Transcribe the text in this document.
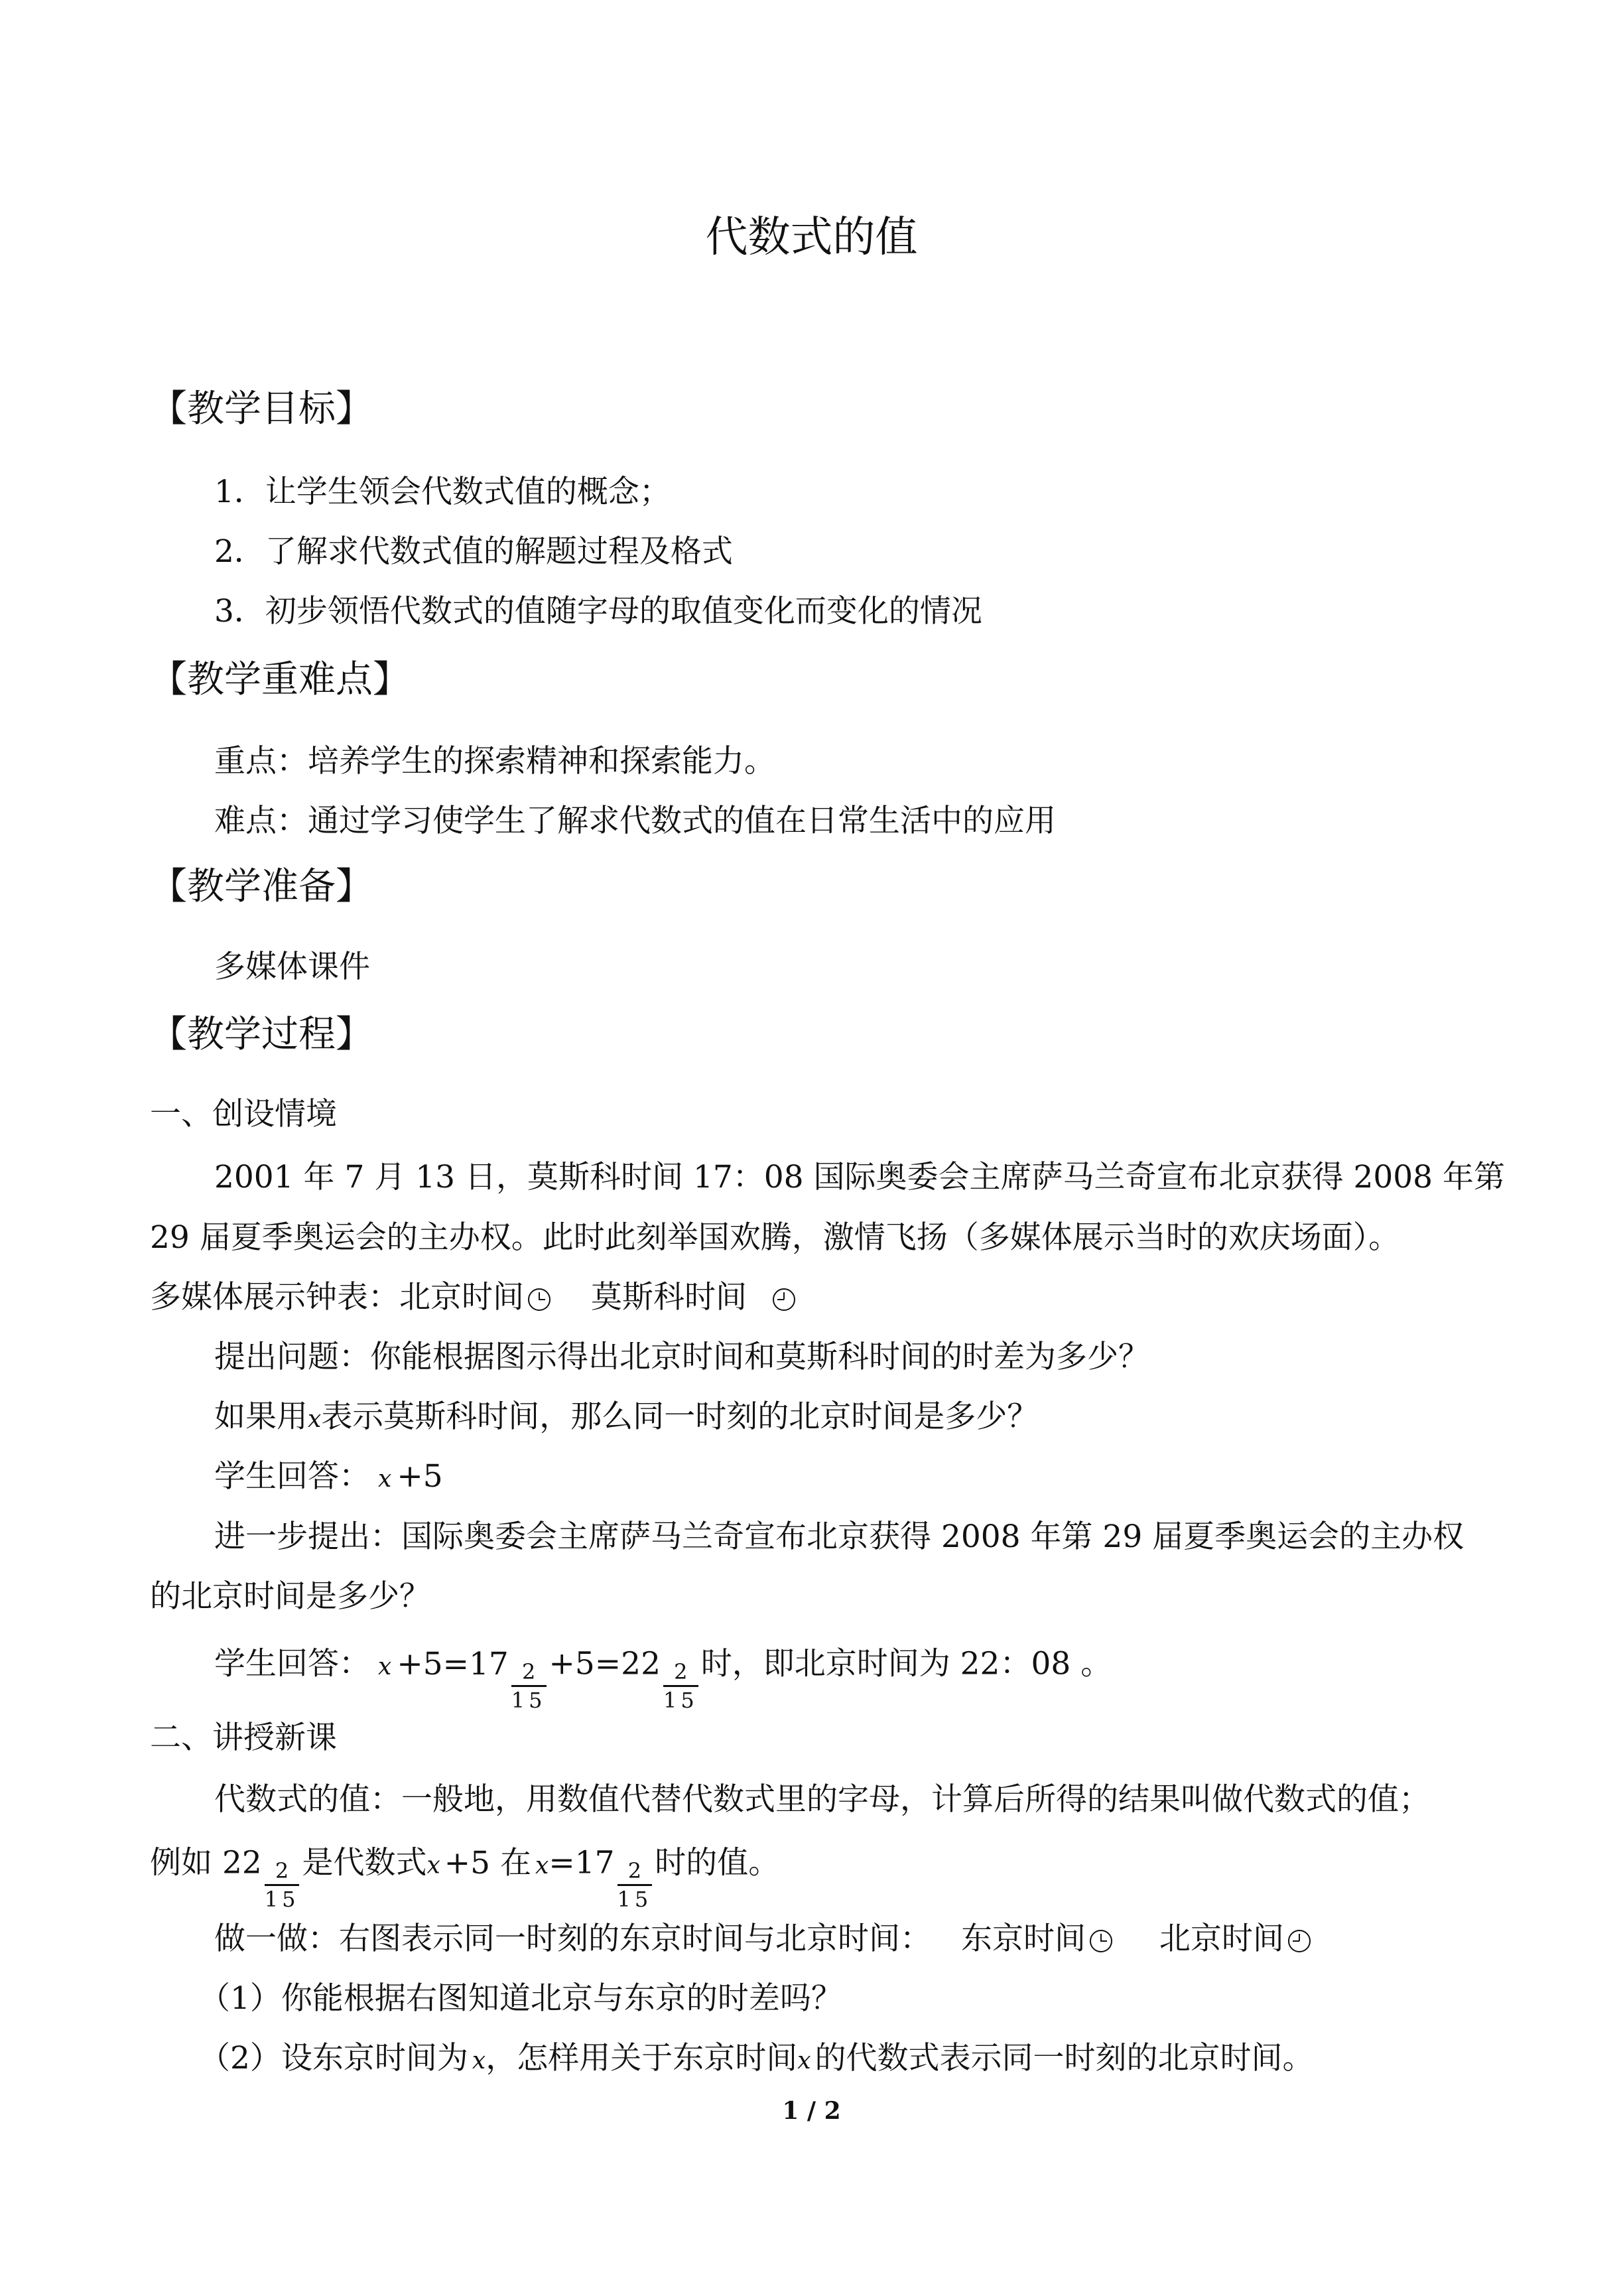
代数式的值
【教学目标】
1．让学生领会代数式值的概念；
2．了解求代数式值的解题过程及格式
3．初步领悟代数式的值随字母的取值变化而变化的情况
【教学重难点】
重点：培养学生的探索精神和探索能力。
难点：通过学习使学生了解求代数式的值在日常生活中的应用
【教学准备】
多媒体课件
【教学过程】
一、创设情境
2001 年 7 月 13 日，莫斯科时间 17：08 国际奥委会主席萨马兰奇宣布北京获得 2008 年第
29 届夏季奥运会的主办权。此时此刻举国欢腾，激情飞扬（多媒体展示当时的欢庆场面）。
多媒体展示钟表：北京时间 莫斯科时间
提出问题：你能根据图示得出北京时间和莫斯科时间的时差为多少？
如果用x表示莫斯科时间，那么同一时刻的北京时间是多少？
学生回答： x +5
进一步提出：国际奥委会主席萨马兰奇宣布北京获得 2008 年第 29 届夏季奥运会的主办权
的北京时间是多少？
学生回答： $x +5=17 \frac{2}{15} +5=22 \frac{2}{15}$ 时，即北京时间为 22：08 。
二、讲授新课
代数式的值：一般地，用数值代替代数式里的字母，计算后所得的结果叫做代数式的值；
例如 $22 \frac{2}{15}$ 是代数式x +5 在 $x=17 \frac{2}{15}$ 时的值。
做一做：右图表示同一时刻的东京时间与北京时间： 东京时间 北京时间
（1）你能根据右图知道北京与东京的时差吗？
（2）设东京时间为 x，怎样用关于东京时间x 的代数式表示同一时刻的北京时间。
1 / 2
